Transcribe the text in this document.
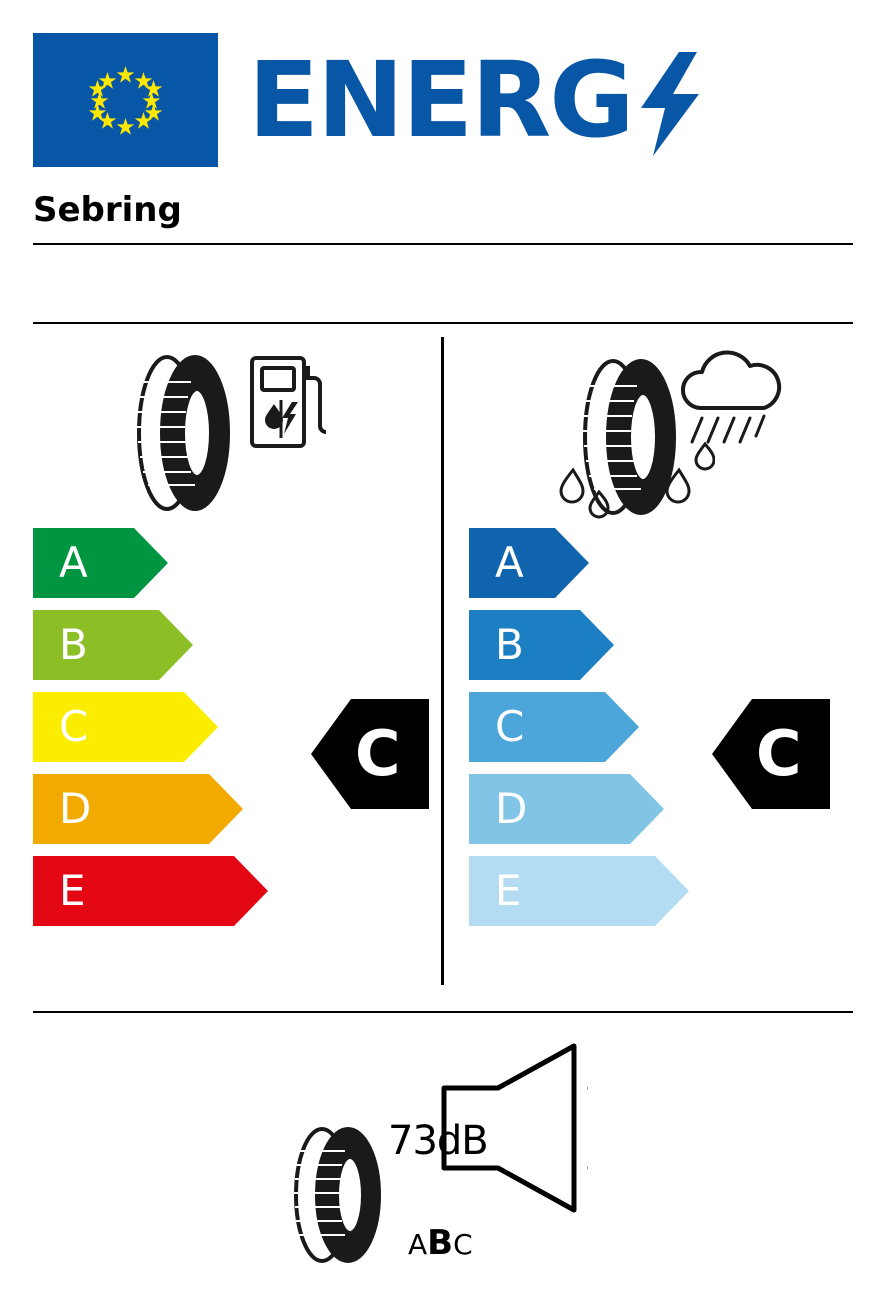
ENERG
Sebring
A
B
C
D
E
C
A
B
C
D
E
C
73dB
ABC
